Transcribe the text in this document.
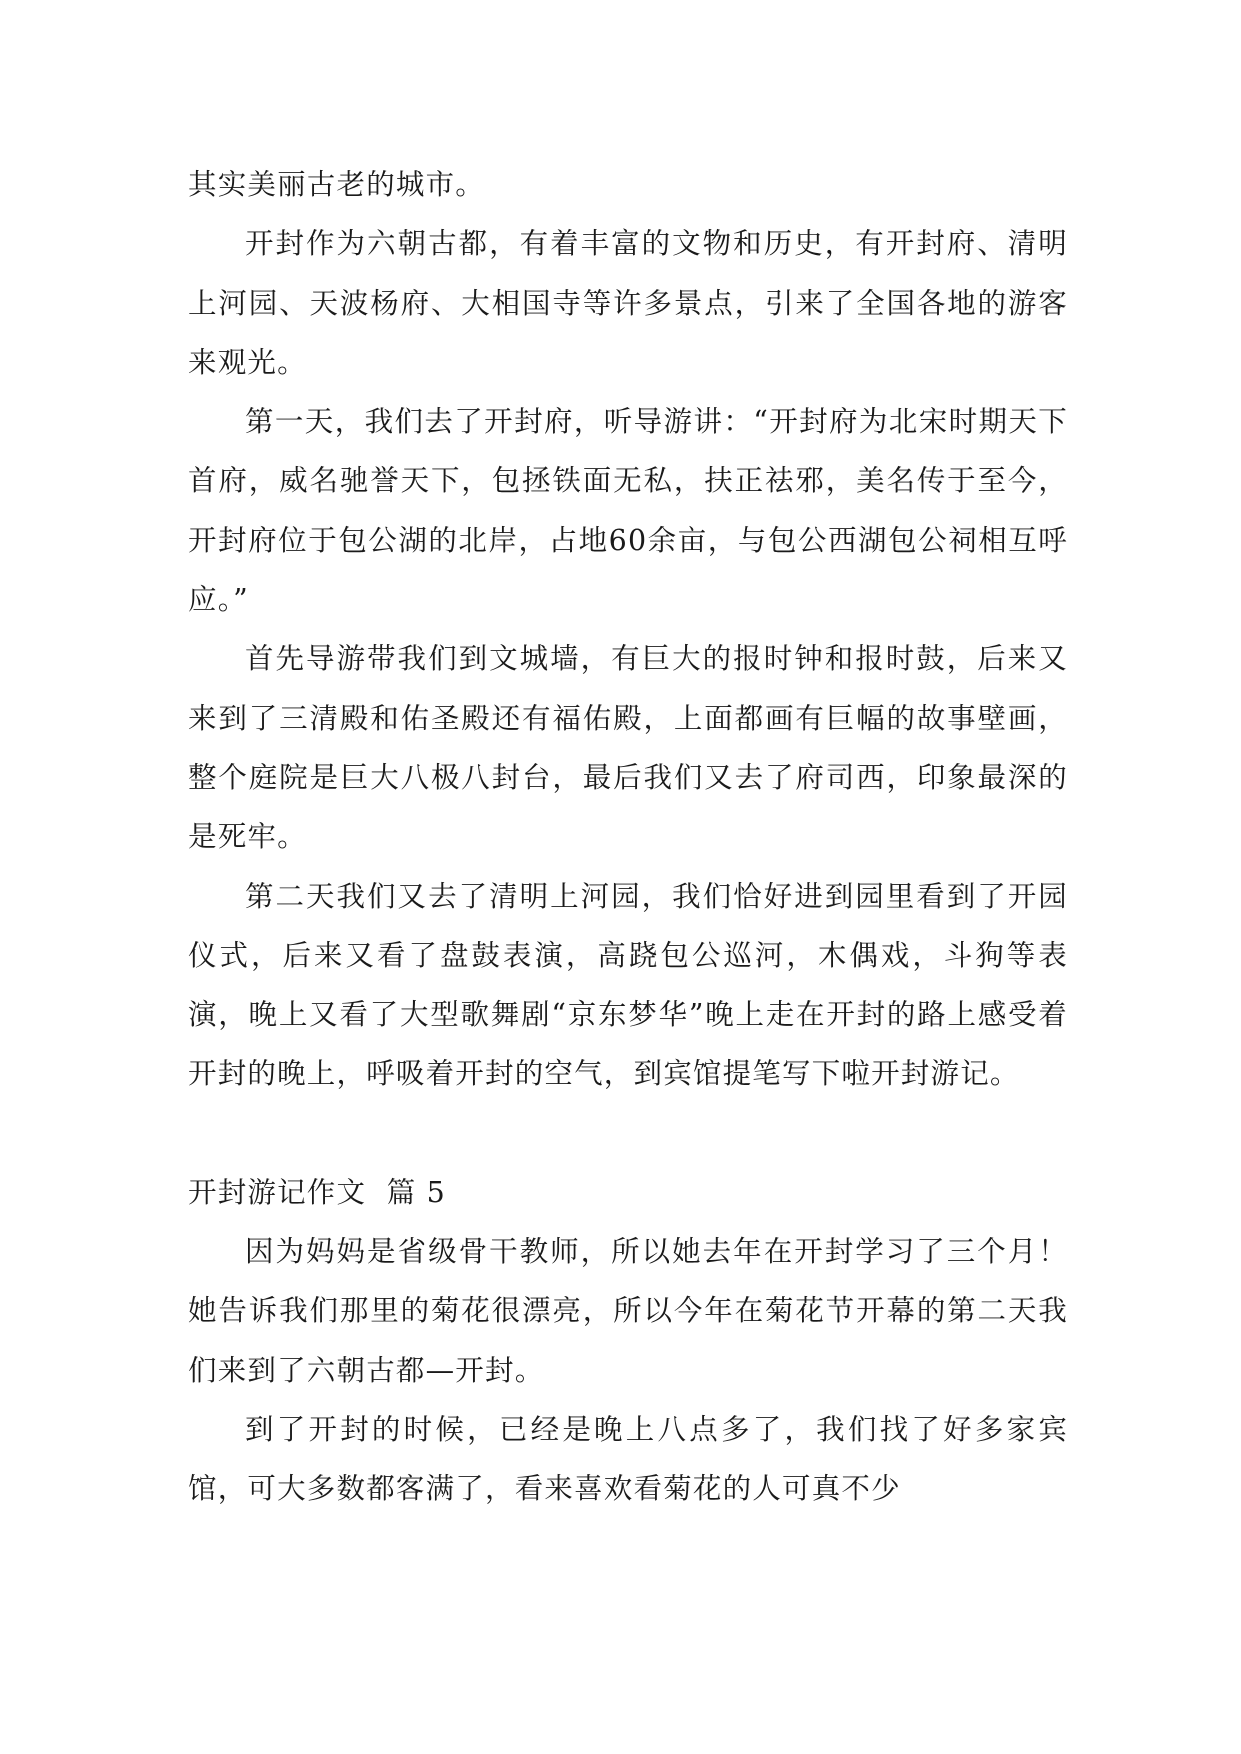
其实美丽古老的城市。

开封作为六朝古都，有着丰富的文物和历史，有开封府、清明上河园、天波杨府、大相国寺等许多景点，引来了全国各地的游客来观光。

第一天，我们去了开封府，听导游讲：“开封府为北宋时期天下首府，威名驰誉天下，包拯铁面无私，扶正祛邪，美名传于至今，开封府位于包公湖的北岸，占地60余亩，与包公西湖包公祠相互呼应。”

首先导游带我们到文城墙，有巨大的报时钟和报时鼓，后来又来到了三清殿和佑圣殿还有福佑殿，上面都画有巨幅的故事壁画，整个庭院是巨大八极八封台，最后我们又去了府司西，印象最深的是死牢。

第二天我们又去了清明上河园，我们恰好进到园里看到了开园仪式，后来又看了盘鼓表演，高跷包公巡河，木偶戏，斗狗等表演，晚上又看了大型歌舞剧“京东梦华”晚上走在开封的路上感受着开封的晚上，呼吸着开封的空气，到宾馆提笔写下啦开封游记。

开封游记作文  篇 5

因为妈妈是省级骨干教师，所以她去年在开封学习了三个月！她告诉我们那里的菊花很漂亮，所以今年在菊花节开幕的第二天我们来到了六朝古都—开封。

到了开封的时候，已经是晚上八点多了，我们找了好多家宾馆，可大多数都客满了，看来喜欢看菊花的人可真不少
